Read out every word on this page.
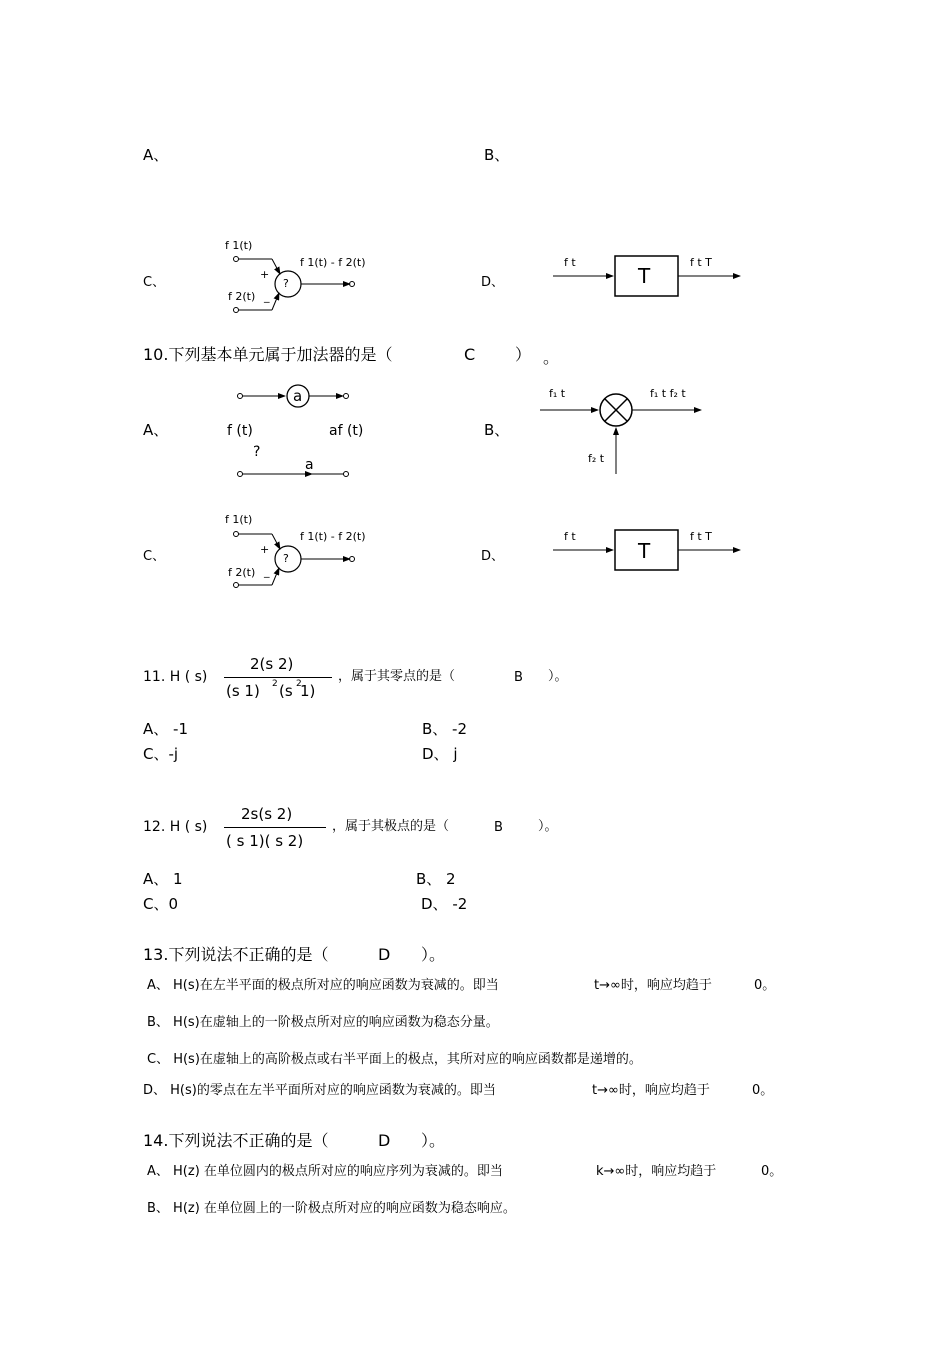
A、	B、
C、
f 1(t)
f 2(t)
f 1(t) - f 2(t)
+
_
?	D、
f t	f t T
T
10.下列基本单元属于加法器的是（	C ） 。
A、
a
f (t)	af (t)
?
a
B、
f₁ t	f₁ t f₂ t
f₂ t
C、
f 1(t)
f 2(t)
f 1(t) - f 2(t)
+
_
?	D、
f t	f t T
T
11. H ( s)
2(s 2)
(s 1) 2 (s 2
1)
，属于其零点的是（	B ）。
A、 -1	B、 -2
C、-j	D、 j
12. H ( s)
2s(s 2)
( s 1)( s 2)
，属于其极点的是（	B	）。
A、 1	B、 2
C、0	D、 -2
13.下列说法不正确的是（	D ）。
A、 H(s)在左半平面的极点所对应的响应函数为衰减的。即当	t→∞时，响应均趋于	0。
B、 H(s)在虚轴上的一阶极点所对应的响应函数为稳态分量。
C、 H(s)在虚轴上的高阶极点或右半平面上的极点，其所对应的响应函数都是递增的。
D、 H(s)的零点在左半平面所对应的响应函数为衰减的。即当	t→∞时，响应均趋于	0。
14.下列说法不正确的是（	D ）。
A、 H(z) 在单位圆内的极点所对应的响应序列为衰减的。即当	k→∞时，响应均趋于	0。
B、 H(z) 在单位圆上的一阶极点所对应的响应函数为稳态响应。
